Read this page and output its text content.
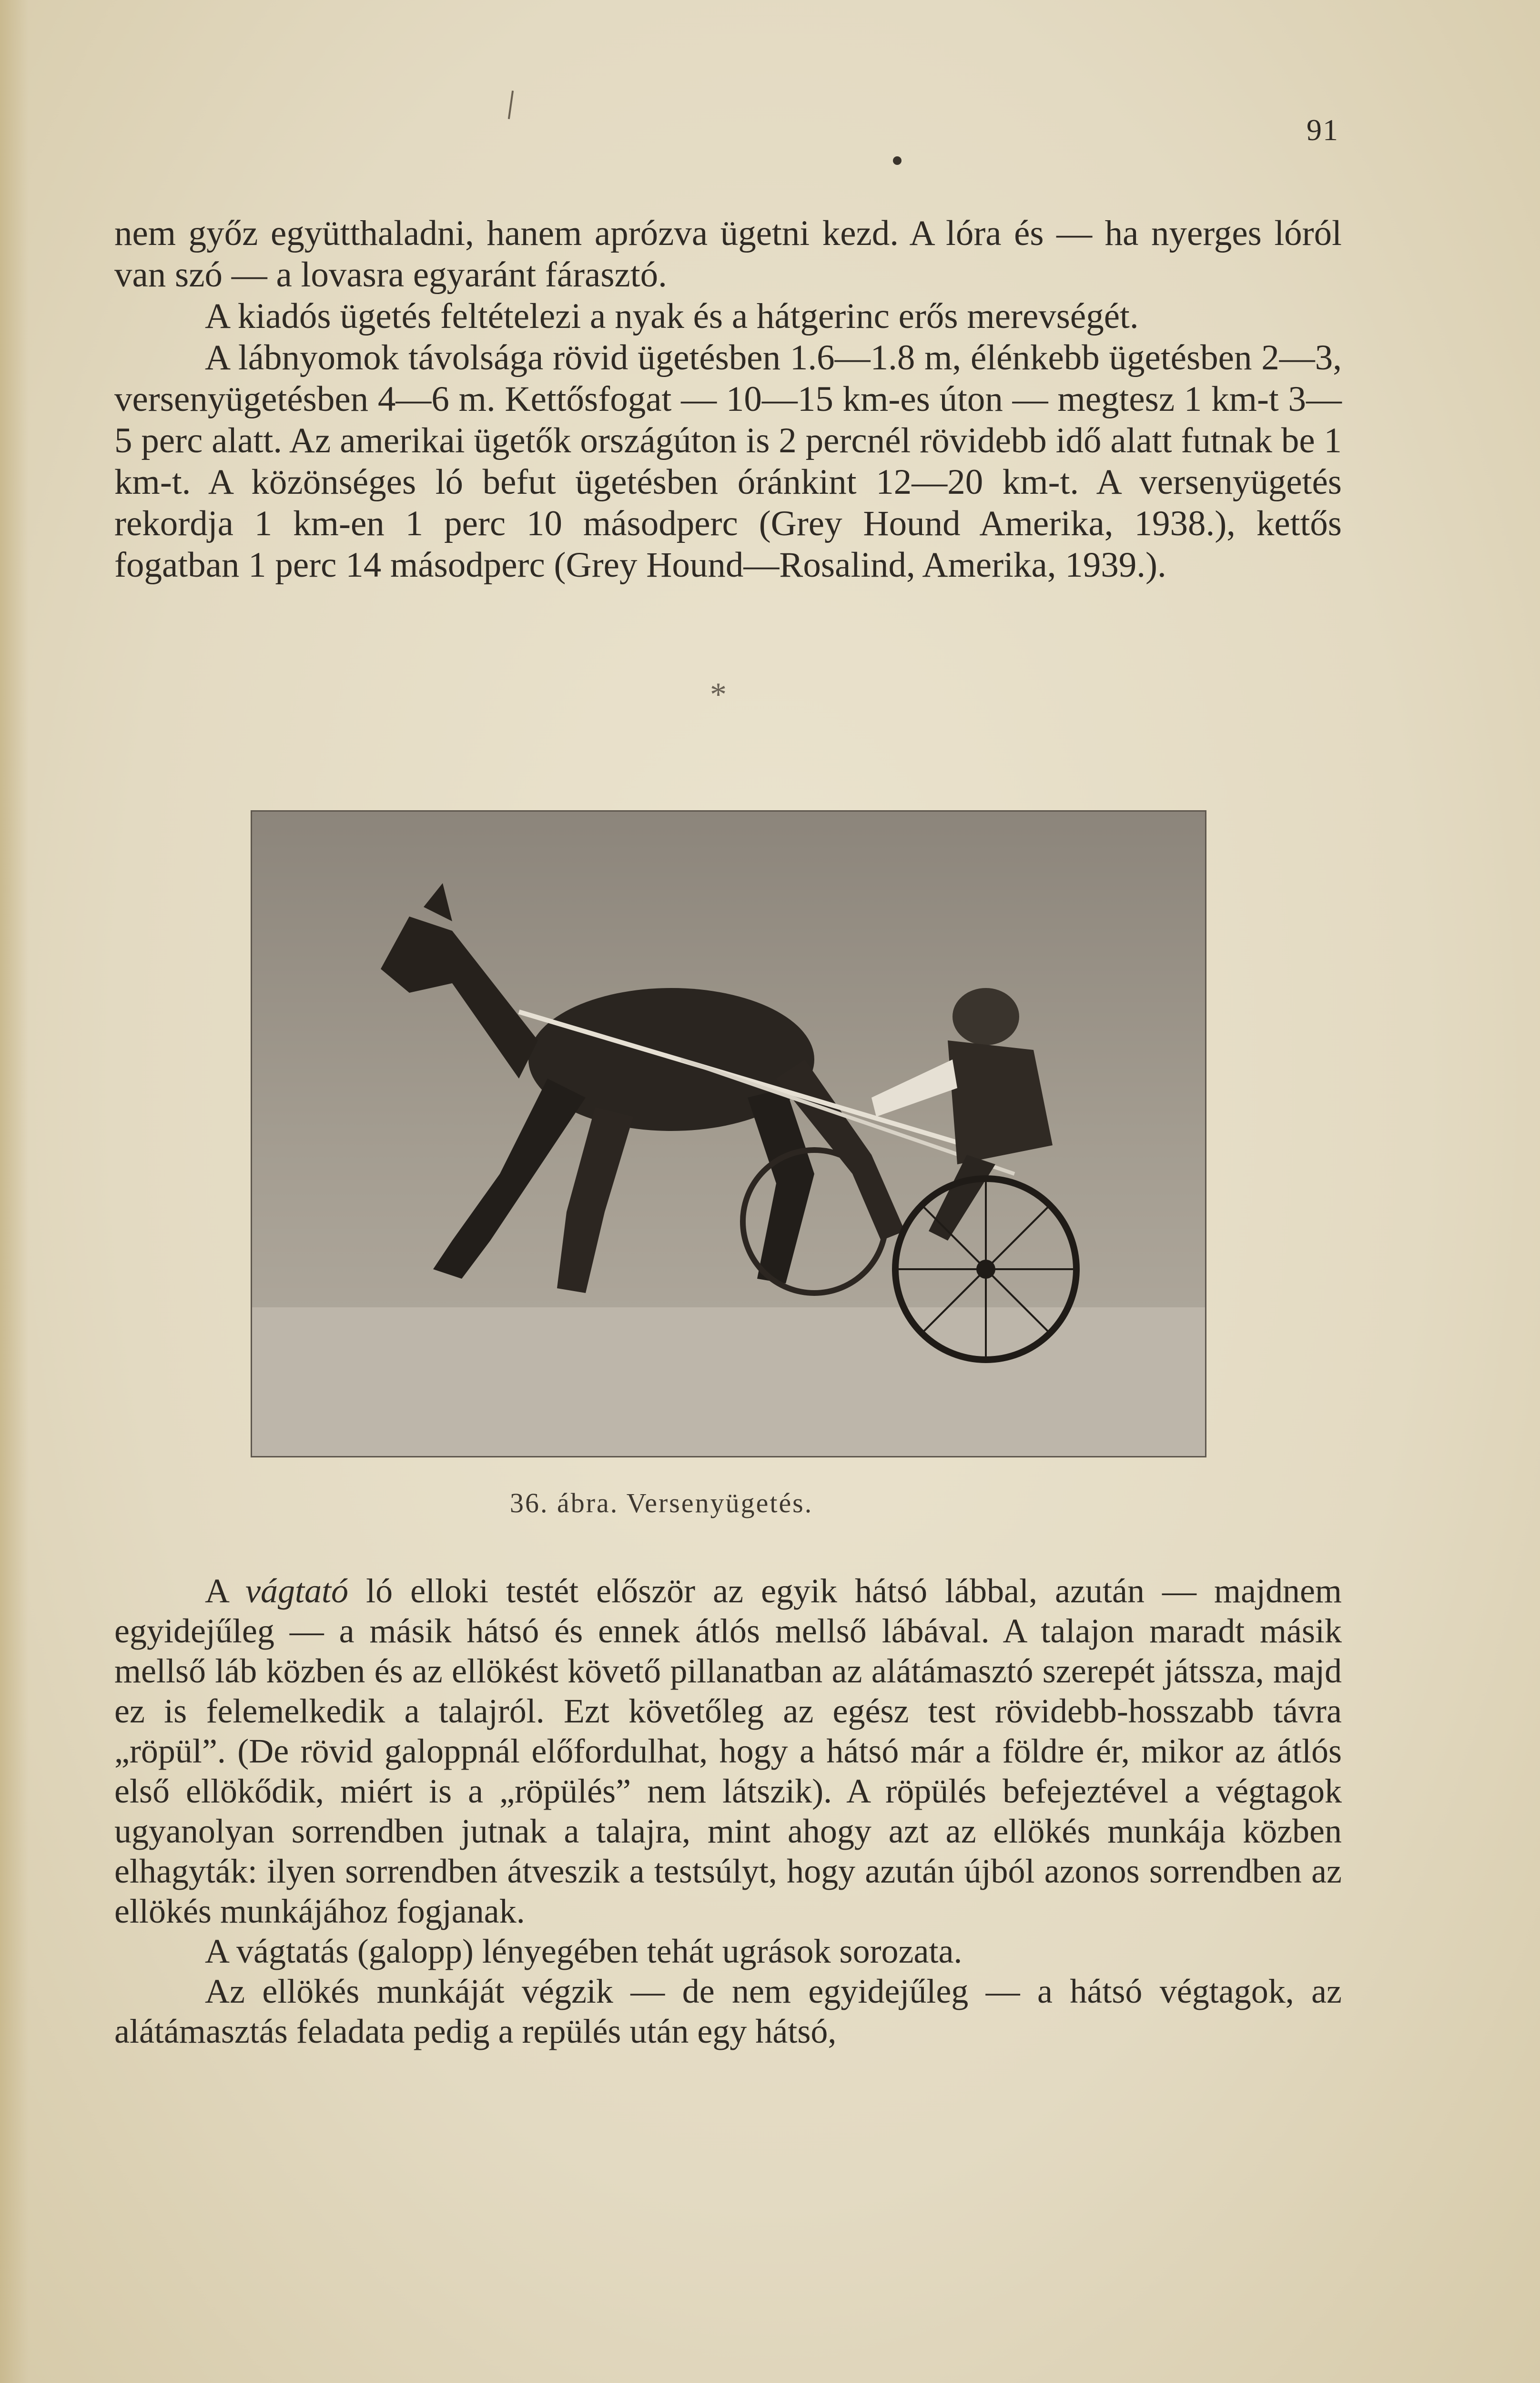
91

nem győz együtthaladni, hanem aprózva ügetni kezd. A lóra és — ha nyerges lóról van szó — a lovasra egyaránt fárasztó.

A kiadós ügetés feltételezi a nyak és a hátgerinc erős merevségét.

A lábnyomok távolsága rövid ügetésben 1.6—1.8 m, élénkebb ügetésben 2—3, versenyügetésben 4—6 m. Kettősfogat — 10—15 km-es úton — megtesz 1 km-t 3—5 perc alatt. Az amerikai ügetők országúton is 2 percnél rövidebb idő alatt futnak be 1 km-t. A közönséges ló befut ügetésben óránkint 12—20 km-t. A versenyügetés rekordja 1 km-en 1 perc 10 másodperc (Grey Hound Amerika, 1938.), kettős fogatban 1 perc 14 másodperc (Grey Hound—Rosalind, Amerika, 1939.).

*
36. ábra. Versenyügetés.

A vágtató ló elloki testét először az egyik hátsó lábbal, azután — majdnem egyidejűleg — a másik hátsó és ennek átlós mellső lábával. A talajon maradt másik mellső láb közben és az ellökést követő pillanatban az alátámasztó szerepét játssza, majd ez is felemelkedik a talajról. Ezt követőleg az egész test rövidebb-hosszabb távra „röpül”. (De rövid galoppnál előfordulhat, hogy a hátsó már a földre ér, mikor az átlós első ellökődik, miért is a „röpülés” nem látszik). A röpülés befejeztével a végtagok ugyanolyan sorrendben jutnak a talajra, mint ahogy azt az ellökés munkája közben elhagyták: ilyen sorrendben átveszik a testsúlyt, hogy azután újból azonos sorrendben az ellökés munkájához fogjanak.

A vágtatás (galopp) lényegében tehát ugrások sorozata.

Az ellökés munkáját végzik — de nem egyidejűleg — a hátsó végtagok, az alátámasztás feladata pedig a repülés után egy hátsó,
